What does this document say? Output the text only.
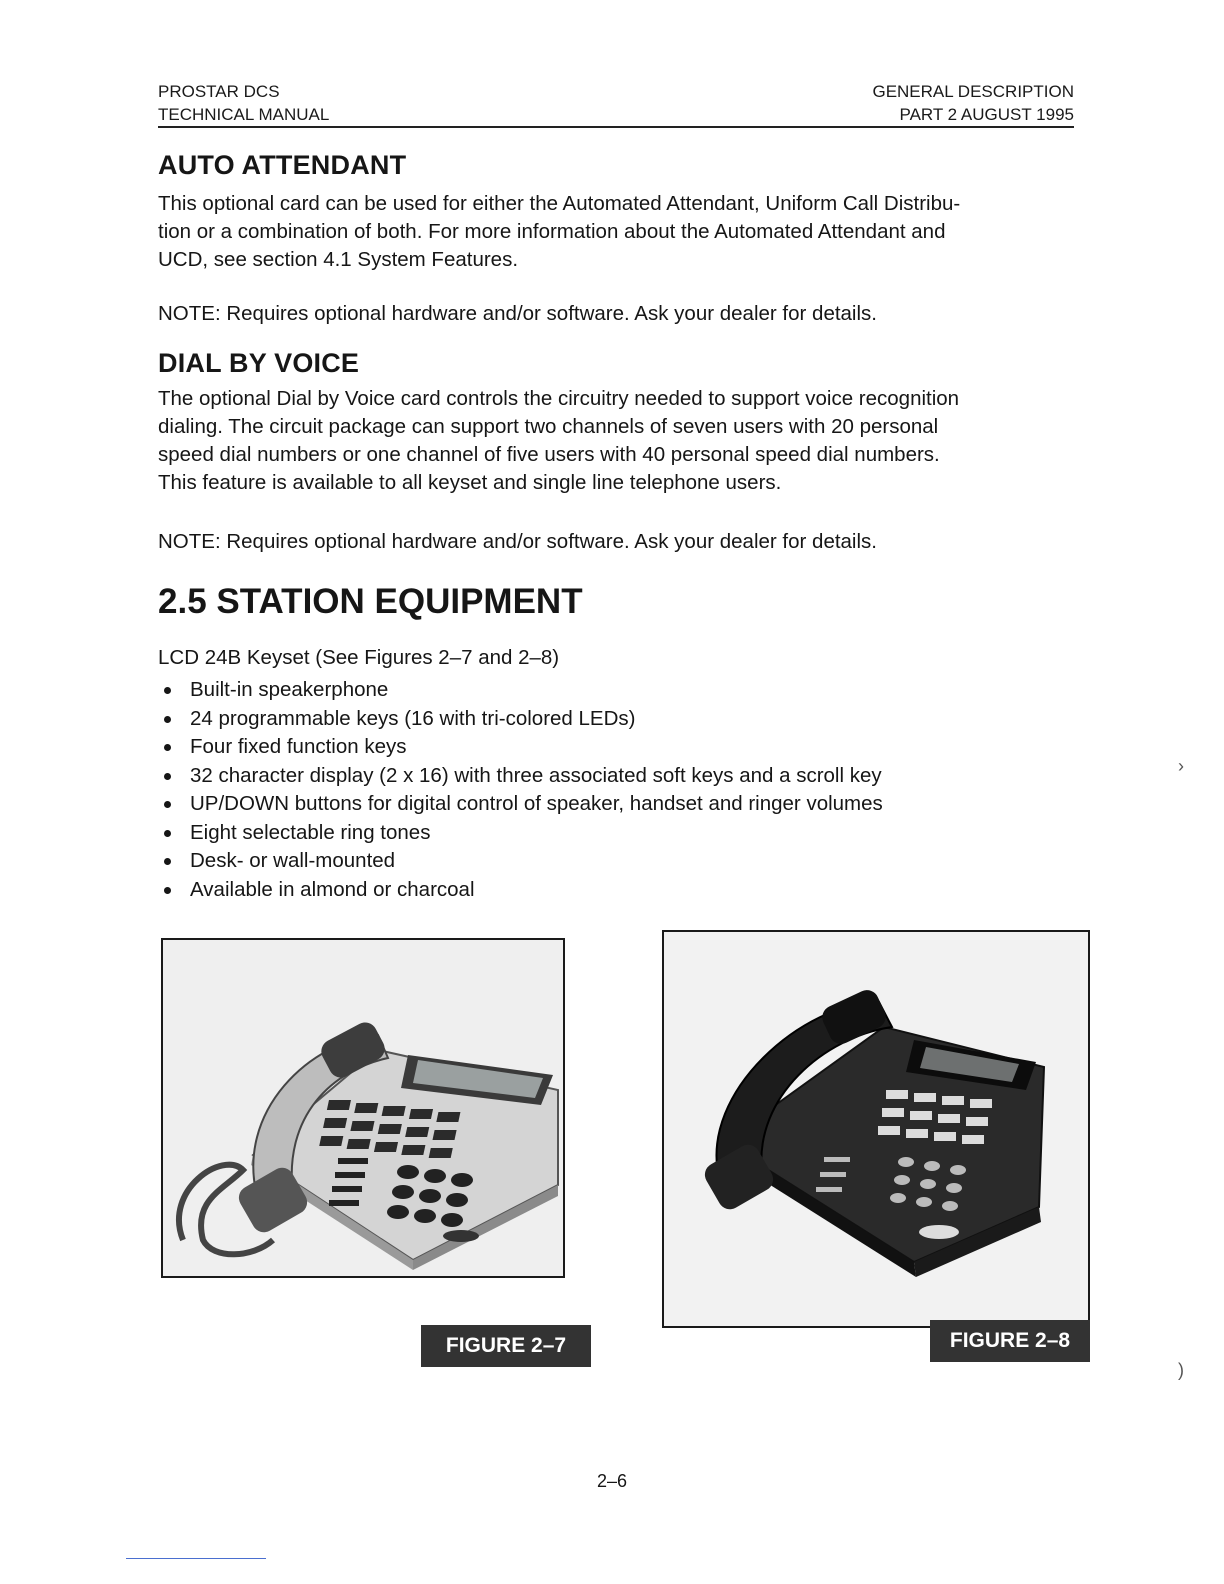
PROSTAR DCS
TECHNICAL MANUAL
GENERAL DESCRIPTION
PART 2 AUGUST 1995
AUTO ATTENDANT
This optional card can be used for either the Automated Attendant, Uniform Call Distribu-
tion or a combination of both. For more information about the Automated Attendant and
UCD, see section 4.1 System Features.
NOTE: Requires optional hardware and/or software. Ask your dealer for details.
DIAL BY VOICE
The optional Dial by Voice card controls the circuitry needed to support voice recognition
dialing. The circuit package can support two channels of seven users with 20 personal
speed dial numbers or one channel of five users with 40 personal speed dial numbers.
This feature is available to all keyset and single line telephone users.
NOTE: Requires optional hardware and/or software. Ask your dealer for details.
2.5 STATION EQUIPMENT
LCD 24B Keyset (See Figures 2–7 and 2–8)
Built-in speakerphone
24 programmable keys (16 with tri-colored LEDs)
Four fixed function keys
32 character display (2 x 16) with three associated soft keys and a scroll key
UP/DOWN buttons for digital control of speaker, handset and ringer volumes
Eight selectable ring tones
Desk- or wall-mounted
Available in almond or charcoal
FIGURE 2–7	FIGURE 2–8
2–6
›
)
